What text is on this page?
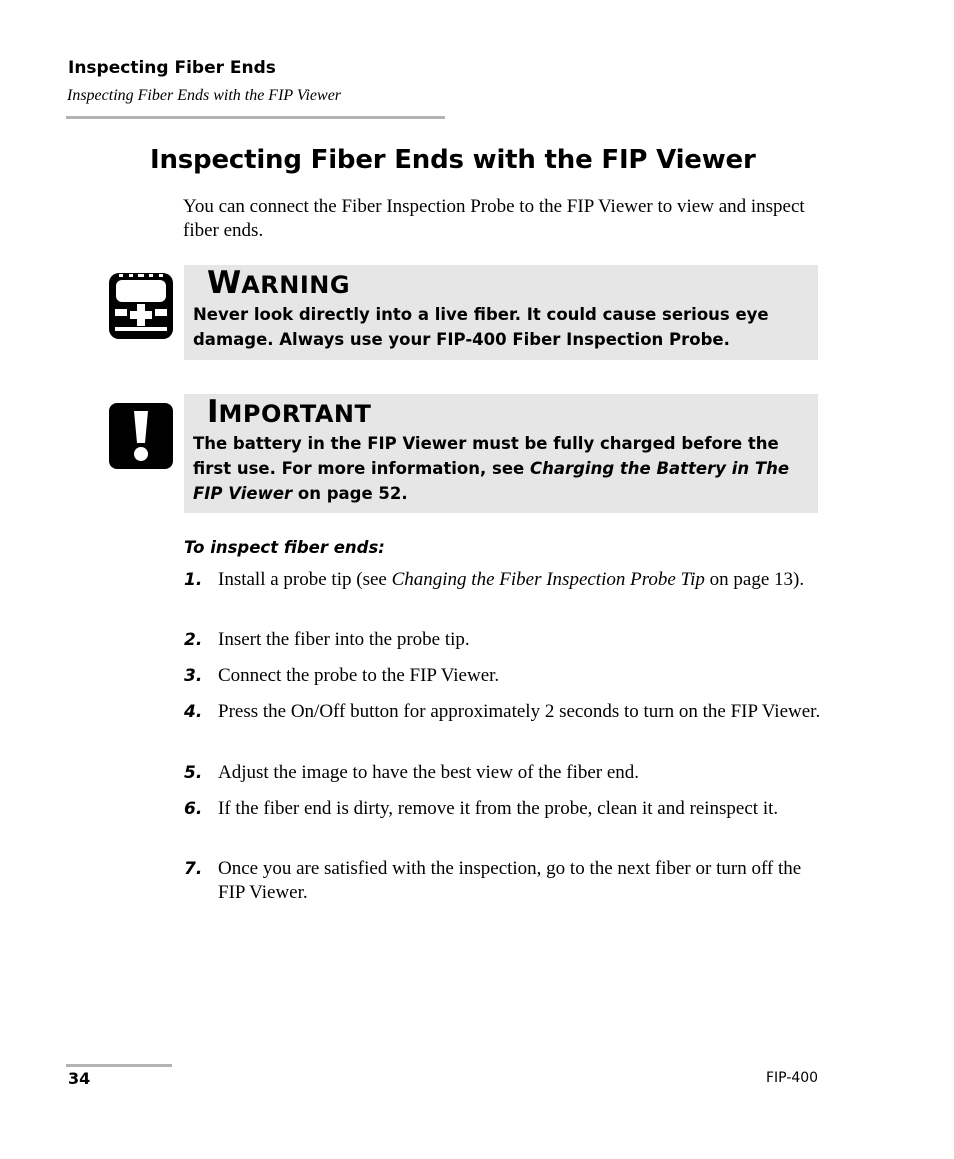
Inspecting Fiber Ends
Inspecting Fiber Ends with the FIP Viewer
Inspecting Fiber Ends with the FIP Viewer
You can connect the Fiber Inspection Probe to the FIP Viewer to view and inspect fiber ends.
WARNING
Never look directly into a live fiber. It could cause serious eye damage. Always use your FIP-400 Fiber Inspection Probe.
IMPORTANT
The battery in the FIP Viewer must be fully charged before the first use. For more information, see Charging the Battery in The FIP Viewer on page 52.
To inspect fiber ends:
1. Install a probe tip (see Changing the Fiber Inspection Probe Tip on page 13).
2. Insert the fiber into the probe tip.
3. Connect the probe to the FIP Viewer.
4. Press the On/Off button for approximately 2 seconds to turn on the FIP Viewer.
5. Adjust the image to have the best view of the fiber end.
6. If the fiber end is dirty, remove it from the probe, clean it and reinspect it.
7. Once you are satisfied with the inspection, go to the next fiber or turn off the FIP Viewer.
34	FIP-400
